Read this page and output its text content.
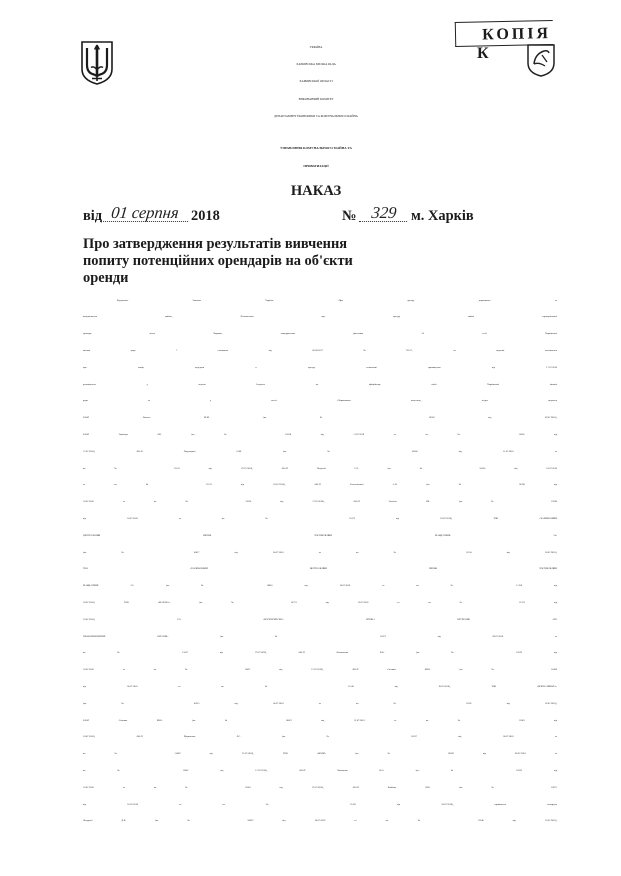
КОПІЯ
К
УКРАЇНА
ХАРКІВСЬКА МІСЬКА РАДА
ХАРКІВСЬКОЇ ОБЛАСТІ
ВИКОНАВЧИЙ КОМІТЕТ
ДЕПАРТАМЕНТ ЕКОНОМІКИ ТА КОМУНАЛЬНОГО МАЙНА
УПРАВЛІННЯ КОМУНАЛЬНОГО МАЙНА ТА
ПРИВАТИЗАЦІЇ
НАКАЗ
від 01 серпня 2018	№ 329 м. Харків
Про затвердження результатів вивчення
попиту потенційних орендарів на об'єкти
оренди
Керуючись Законом України «Про оренду державного та
комунального майна», Положенням про оренду майна територіальної
громади міста Харкова, затвердженим рішенням 14 сесії Харківської
міської ради 7 скликання від 20.09.2017 №755/17, на підставі оголошення
про намір передати в оренду нежитлові приміщення від 17.07.2018
розміщеного у мережі Інтернет на офіційному сайті Харківської міської
ради та у газеті «Харьковские известия», згідно звернень
ФО-П Лютого М.М. (вх.№ 10303 від 09.07.2018),
ФО-П Закаблук М.І. (вх.№ 10538 від 11.07.2018 та вх.№ 11034 від
17.07.2018), ФО-П Лакунцової О.М. (вх.№ 10560 від 11.07.2018 та
вх.№ 11011 від 17.07.2018), ФО-П Покусай Є.Б. (вх.№ 10324 від 10.07.2018
та вх.№ 11153 від 18.07.2018), ФО-П Севостянової А.В. (вх.№ 10338 від
10.07.2018 та вх.№ 11030 від 17.07.2018), ФО-П Зюзгіна І.М. (вх.№ 10788
від 16.07.2018 та вх.№ 11072 від 18.07.2018), ТОВ «ХАРКІВСЬКИЙ
ЦЕНТРАЛЬНИЙ РИНОК ТОРГІВЕЛЬНИЙ МАЙДАНЧИК 14»
(вх.№ 10817 від 16.07.2018 та вх.№ 11134 від 18.07.2018),
ТОВ «ХАРКІВСЬКИЙ ЦЕНТРАЛЬНИЙ РИНОК ТОРГІВЕЛЬНИЙ
МАЙДАНЧИК 13» (вх.№ 10816 від 16.07.2018 та вх.№ 11128 від
18.07.2018), ТОВ «МАЕЛЛА» (вх.№ 10731 від 13.07.2018 та вх.№ 11231 від
19.07.2018), ГО «ВСЕУКРАЇНСЬКА СПІЛКА ВЕТЕРАНІВ АТО
ПРАВООХОРОННИХ ОРГАНІВ» (вх.№ 10257 від 09.07.2018 та
вх.№ 11027 від 17.07.2018), ФО-П Філімонова В.Ф. (вх.№ 10322 від
10.07.2018 та вх.№ 11037 від 17.07.2018), ФО-П Сотника М.Ю. (вх.№ 10438
від 10.07.2018 та вх. № 11145 від 18.07.2018), ТОВ «БІЗНЕС-ШКОЛА»
(вх.№ 10355 від 10.07.2018 та вх.№ 11102 від 18.07.2018),
ФО-П Сотника М.Ю. (вх.№ 10619 від 12.07.2018 та вх.№ 11149 від
18.07.2018), ФО-П Мартинова Р.С. (вх.№ 10337 від 10.07.2018 та
вх.№ 11009 від 17.07.2018), ТОВ «КОЛІР» (вх.№ 10309 від 09.07.2018 та
вх.№ 11047 від 17.07.2018), ФО-П Чистякова В.О. (вх.№ 10323 від
10.07.2018 та вх.№ 11010 від 17.07.2018), ФО-П Байбака Л.Ю. (вх.№ 10971
від 16.07.2018 та вх.№ 11185 від 18.07.2018), приватного нотаріуса
Чепурної Д.В. (вх.№ 10823 від 16.07.2018 та вх. № 11240 від 19.07.2018),
